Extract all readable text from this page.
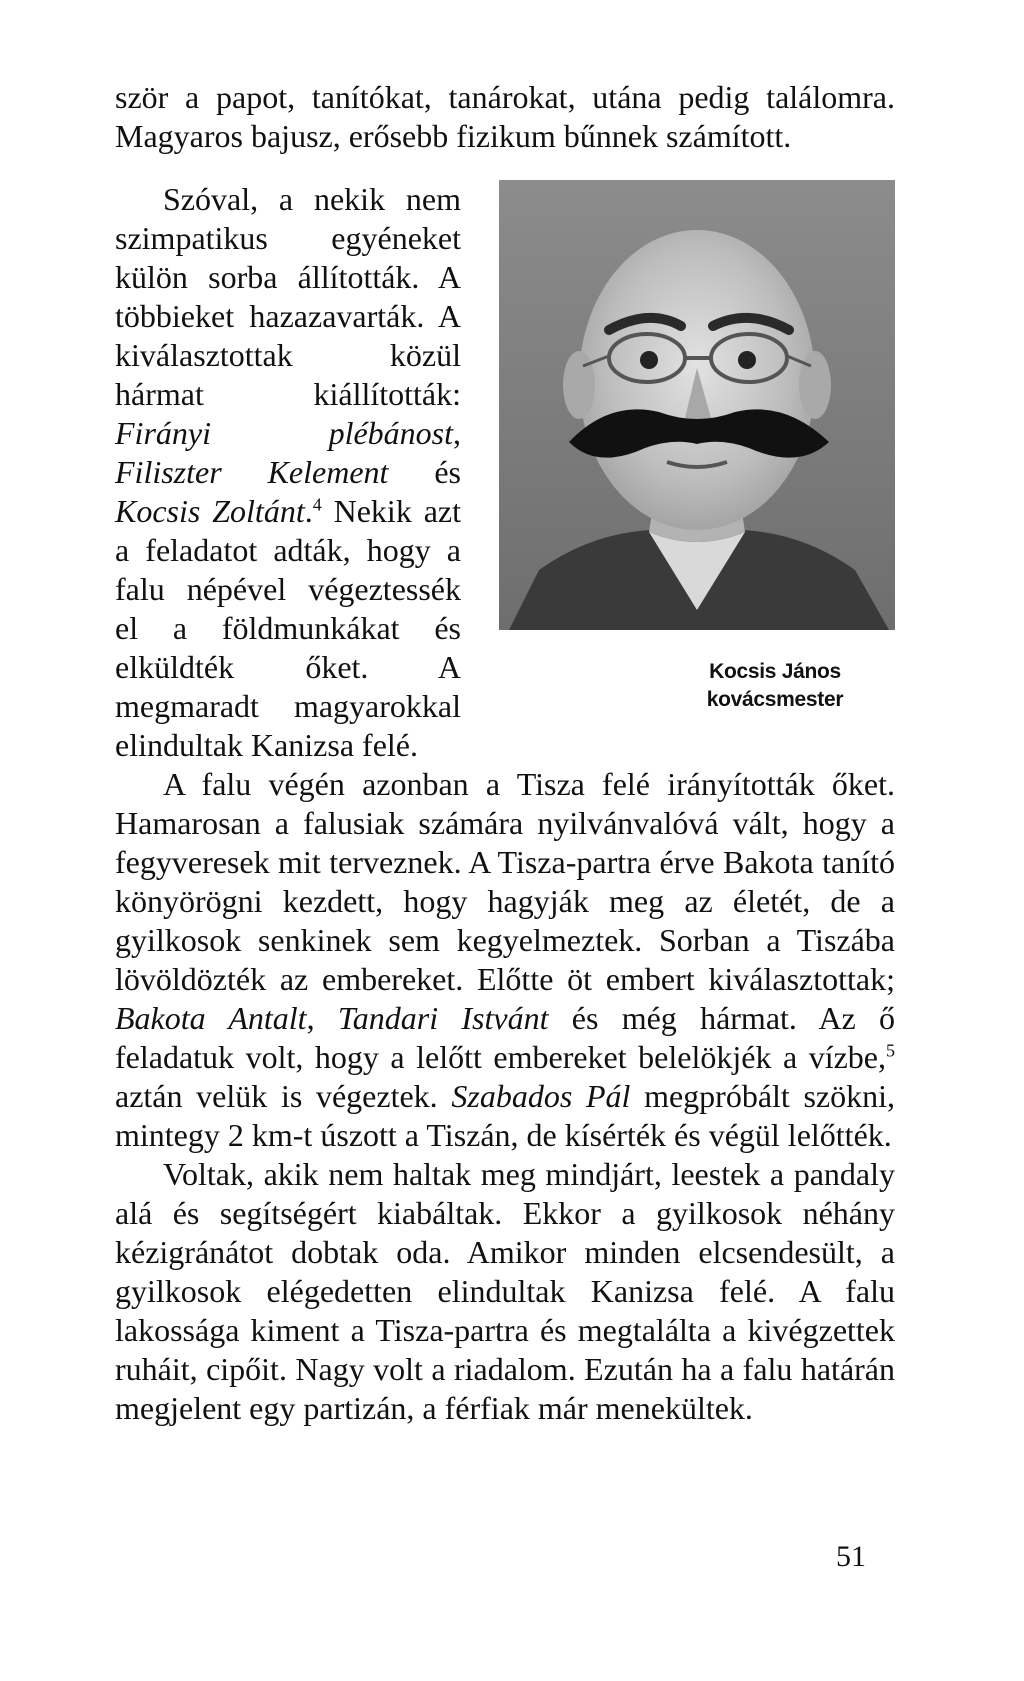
ször a papot, tanítókat, tanárokat, utána pedig találomra. Magyaros bajusz, erősebb fizikum bűnnek számított.

Kocsis János
kovácsmester

Szóval, a nekik nem szimpatikus egyéneket külön sorba állították. A többieket hazazavarták. A kiválasztottak közül hármat kiállították: Firányi plébánost, Filiszter Kelement és Kocsis Zoltánt.$^4$ Nekik azt a feladatot adták, hogy a falu népével végeztessék el a földmunkákat és elküldték őket. A megmaradt magyarokkal elindultak Kanizsa felé.

A falu végén azonban a Tisza felé irányították őket. Hamarosan a falusiak számára nyilvánvalóvá vált, hogy a fegyveresek mit terveznek. A Tisza-partra érve Bakota tanító könyörögni kezdett, hogy hagyják meg az életét, de a gyilkosok senkinek sem kegyelmeztek. Sorban a Tiszába lövöldözték az embereket. Előtte öt embert kiválasztottak; Bakota Antalt, Tandari Istvánt és még hármat. Az ő feladatuk volt, hogy a lelőtt embereket belelökjék a vízbe,$^5$ aztán velük is végeztek. Szabados Pál megpróbált szökni, mintegy 2 km-t úszott a Tiszán, de kísérték és végül lelőtték.

Voltak, akik nem haltak meg mindjárt, leestek a pandaly alá és segítségért kiabáltak. Ekkor a gyilkosok néhány kézigránátot dobtak oda. Amikor minden elcsendesült, a gyilkosok elégedetten elindultak Kanizsa felé. A falu lakossága kiment a Tisza-partra és megtalálta a kivégzettek ruháit, cipőit. Nagy volt a riadalom. Ezután ha a falu határán megjelent egy partizán, a férfiak már menekültek.

51
